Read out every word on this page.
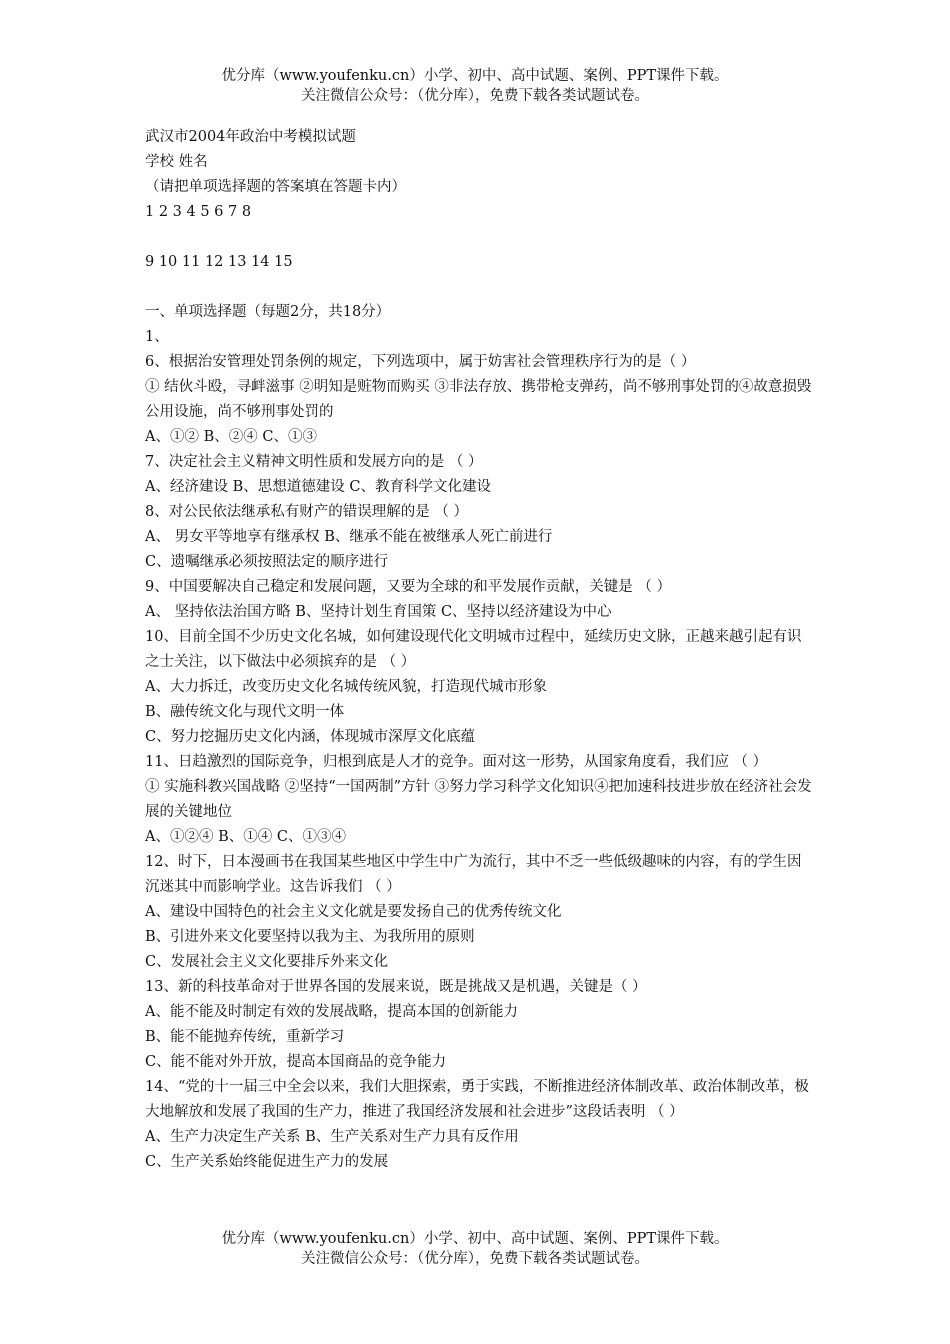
优分库（www.youfenku.cn）小学、初中、高中试题、案例、PPT课件下载。
关注微信公众号：（优分库），免费下载各类试题试卷。
武汉市2004年政治中考模拟试题
学校 姓名
（请把单项选择题的答案填在答题卡内）
1 2 3 4 5 6 7 8
9 10 11 12 13 14 15
一、单项选择题（每题2分，共18分）
1、
6、根据治安管理处罚条例的规定，下列选项中，属于妨害社会管理秩序行为的是（ ）
① 结伙斗殴，寻衅滋事 ②明知是赃物而购买 ③非法存放、携带枪支弹药，尚不够刑事处罚的④故意损毁公用设施，尚不够刑事处罚的
A、①② B、②④ C、①③
7、决定社会主义精神文明性质和发展方向的是 （ ）
A、经济建设 B、思想道德建设 C、教育科学文化建设
8、对公民依法继承私有财产的错误理解的是 （ ）
A、 男女平等地享有继承权 B、继承不能在被继承人死亡前进行
C、遗嘱继承必须按照法定的顺序进行
9、中国要解决自己稳定和发展问题，又要为全球的和平发展作贡献，关键是 （ ）
A、 坚持依法治国方略 B、坚持计划生育国策 C、坚持以经济建设为中心
10、目前全国不少历史文化名城，如何建设现代化文明城市过程中，延续历史文脉，正越来越引起有识之士关注，以下做法中必须摈弃的是 （ ）
A、大力拆迁，改变历史文化名城传统风貌，打造现代城市形象
B、融传统文化与现代文明一体
C、努力挖掘历史文化内涵，体现城市深厚文化底蕴
11、日趋激烈的国际竞争，归根到底是人才的竞争。面对这一形势，从国家角度看，我们应 （ ）
① 实施科教兴国战略 ②坚持“一国两制”方针 ③努力学习科学文化知识④把加速科技进步放在经济社会发展的关键地位
A、①②④ B、①④ C、①③④
12、时下，日本漫画书在我国某些地区中学生中广为流行，其中不乏一些低级趣味的内容，有的学生因沉迷其中而影响学业。这告诉我们 （ ）
A、建设中国特色的社会主义文化就是要发扬自己的优秀传统文化
B、引进外来文化要坚持以我为主、为我所用的原则
C、发展社会主义文化要排斥外来文化
13、新的科技革命对于世界各国的发展来说，既是挑战又是机遇，关键是（ ）
A、能不能及时制定有效的发展战略，提高本国的创新能力
B、能不能抛弃传统，重新学习
C、能不能对外开放，提高本国商品的竞争能力
14、“党的十一届三中全会以来，我们大胆探索，勇于实践，不断推进经济体制改革、政治体制改革，极大地解放和发展了我国的生产力，推进了我国经济发展和社会进步”这段话表明 （ ）
A、生产力决定生产关系 B、生产关系对生产力具有反作用
C、生产关系始终能促进生产力的发展
优分库（www.youfenku.cn）小学、初中、高中试题、案例、PPT课件下载。
关注微信公众号：（优分库），免费下载各类试题试卷。
